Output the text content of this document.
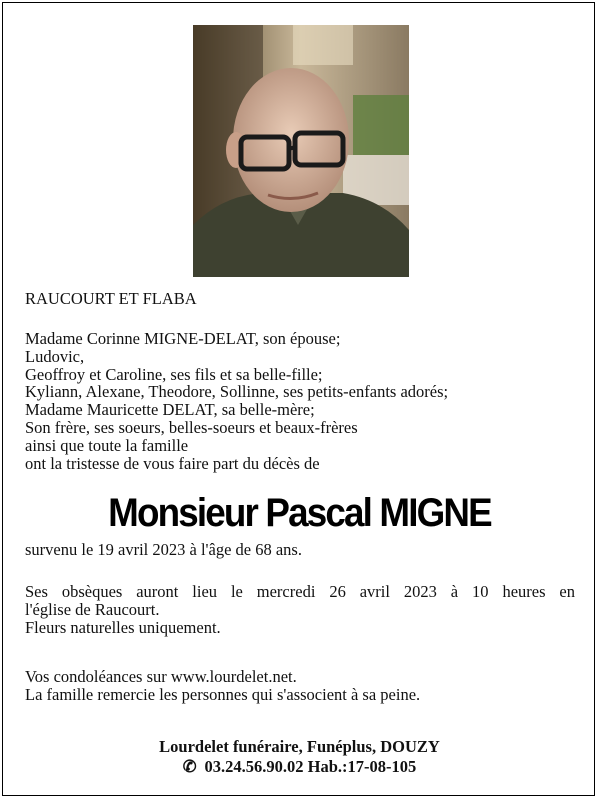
RAUCOURT ET FLABA
Madame Corinne MIGNE-DELAT, son épouse;
Ludovic,
Geoffroy et Caroline, ses fils et sa belle-fille;
Kyliann, Alexane, Theodore, Sollinne, ses petits-enfants adorés;
Madame Mauricette DELAT, sa belle-mère;
Son frère, ses soeurs, belles-soeurs et beaux-frères
ainsi que toute la famille
ont la tristesse de vous faire part du décès de
Monsieur Pascal MIGNE
survenu le 19 avril 2023 à l'âge de 68 ans.
Ses obsèques auront lieu le mercredi 26 avril 2023 à 10 heures en
l'église de Raucourt.
Fleurs naturelles uniquement.
Vos condoléances sur www.lourdelet.net.
La famille remercie les personnes qui s'associent à sa peine.
Lourdelet funéraire, Funéplus, DOUZY
✆ 03.24.56.90.02 Hab.:17-08-105
